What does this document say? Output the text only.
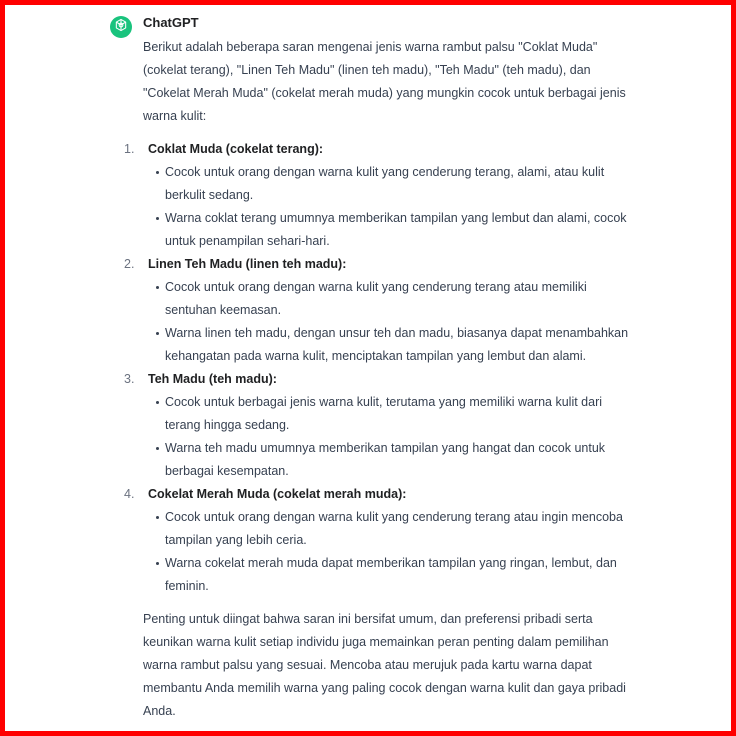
ChatGPT

Berikut adalah beberapa saran mengenai jenis warna rambut palsu "Coklat Muda" (cokelat terang), "Linen Teh Madu" (linen teh madu), "Teh Madu" (teh madu), dan "Cokelat Merah Muda" (cokelat merah muda) yang mungkin cocok untuk berbagai jenis warna kulit:

1. Coklat Muda (cokelat terang):
Cocok untuk orang dengan warna kulit yang cenderung terang, alami, atau kulit berkulit sedang.
Warna coklat terang umumnya memberikan tampilan yang lembut dan alami, cocok untuk penampilan sehari-hari.
2. Linen Teh Madu (linen teh madu):
Cocok untuk orang dengan warna kulit yang cenderung terang atau memiliki sentuhan keemasan.
Warna linen teh madu, dengan unsur teh dan madu, biasanya dapat menambahkan kehangatan pada warna kulit, menciptakan tampilan yang lembut dan alami.
3. Teh Madu (teh madu):
Cocok untuk berbagai jenis warna kulit, terutama yang memiliki warna kulit dari terang hingga sedang.
Warna teh madu umumnya memberikan tampilan yang hangat dan cocok untuk berbagai kesempatan.
4. Cokelat Merah Muda (cokelat merah muda):
Cocok untuk orang dengan warna kulit yang cenderung terang atau ingin mencoba tampilan yang lebih ceria.
Warna cokelat merah muda dapat memberikan tampilan yang ringan, lembut, dan feminin.

Penting untuk diingat bahwa saran ini bersifat umum, dan preferensi pribadi serta keunikan warna kulit setiap individu juga memainkan peran penting dalam pemilihan warna rambut palsu yang sesuai. Mencoba atau merujuk pada kartu warna dapat membantu Anda memilih warna yang paling cocok dengan warna kulit dan gaya pribadi Anda.
